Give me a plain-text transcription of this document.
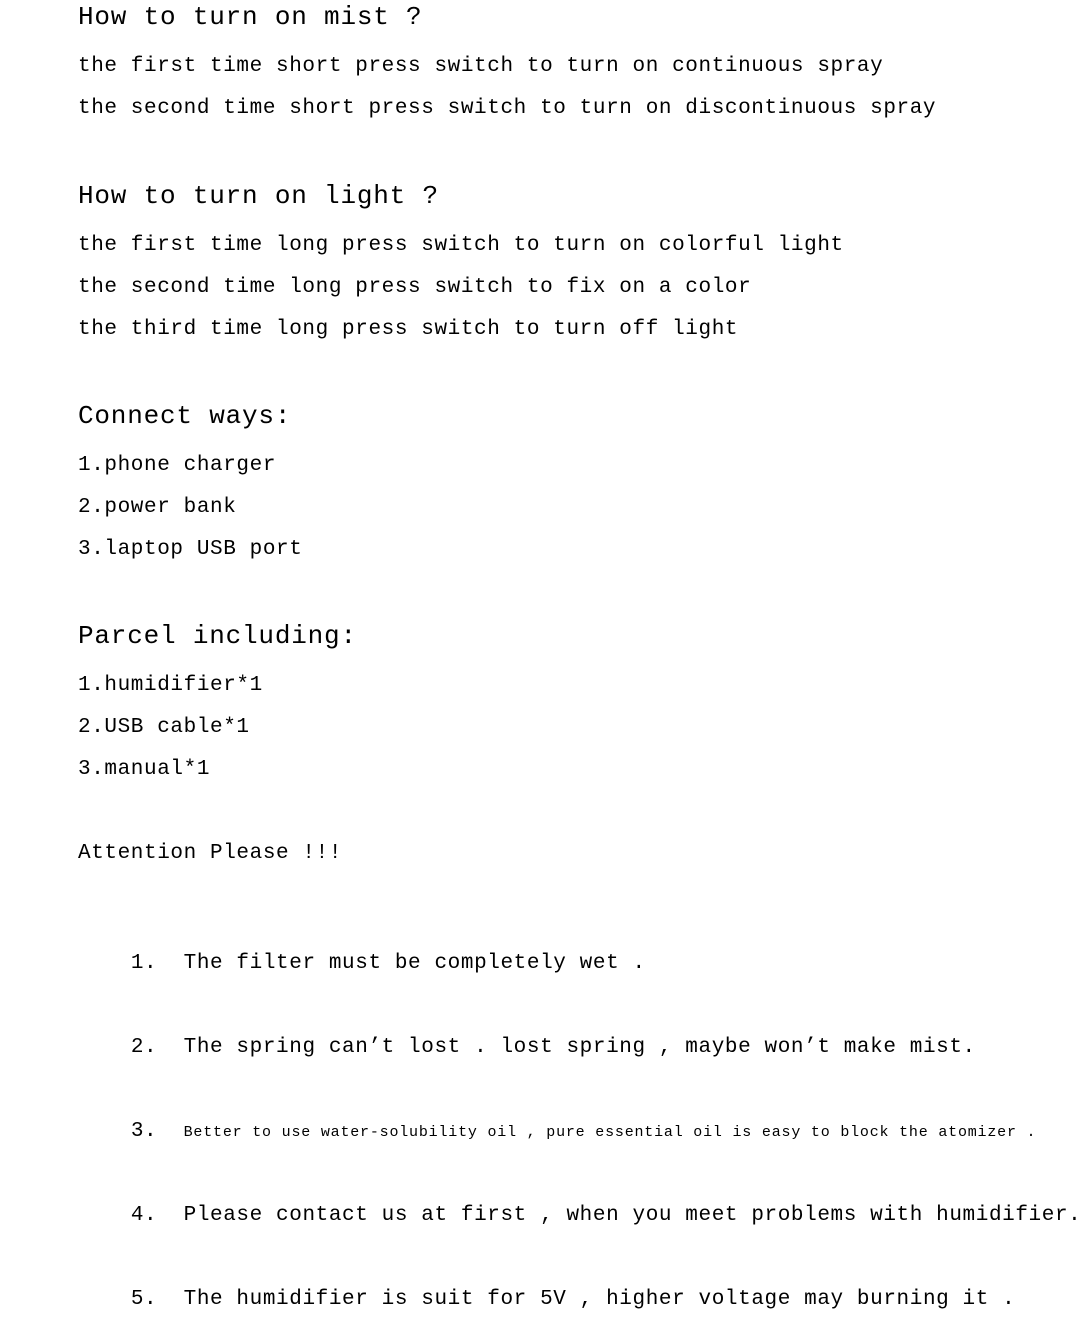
How to turn on mist ?
the first time short press switch to turn on continuous spray
the second time short press switch to turn on discontinuous spray
How to turn on light ?
the first time long press switch to turn on colorful light
the second time long press switch to fix on a color
the third time long press switch to turn off light
Connect ways:
1.phone charger
2.power bank
3.laptop USB port
Parcel including:
1.humidifier*1
2.USB cable*1
3.manual*1
Attention Please !!!

1. The filter must be completely wet .

2. The spring can’t lost . lost spring , maybe won’t make mist.

3. Better to use water-solubility oil , pure essential oil is easy to block the atomizer .

4. Please contact us at first , when you meet problems with humidifier.

5. The humidifier is suit for 5V , higher voltage may burning it .
